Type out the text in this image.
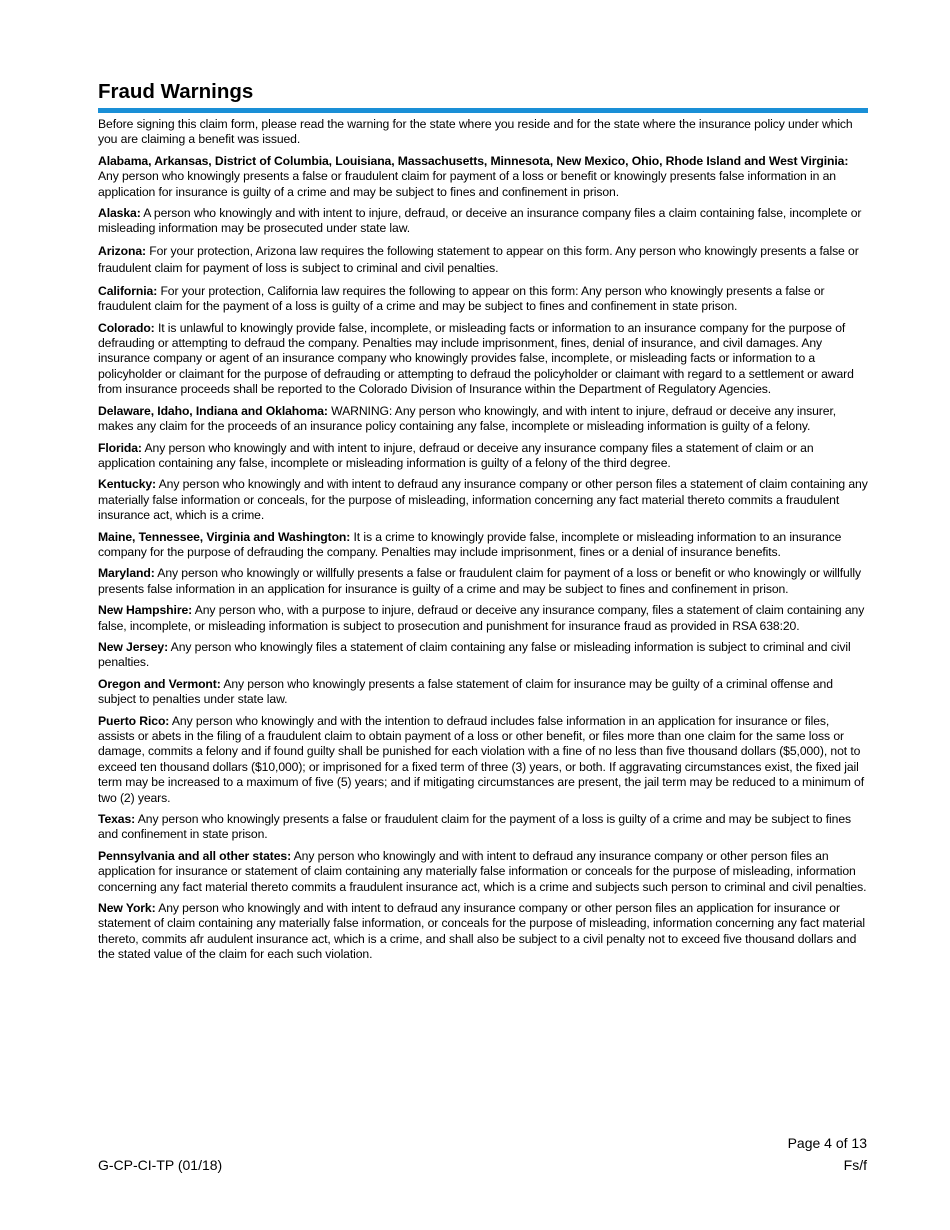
Fraud Warnings

Before signing this claim form, please read the warning for the state where you reside and for the state where the insurance policy under which you are claiming a benefit was issued.

Alabama, Arkansas, District of Columbia, Louisiana, Massachusetts, Minnesota, New Mexico, Ohio, Rhode Island and West Virginia: Any person who knowingly presents a false or fraudulent claim for payment of a loss or benefit or knowingly presents false information in an application for insurance is guilty of a crime and may be subject to fines and confinement in prison.

Alaska: A person who knowingly and with intent to injure, defraud, or deceive an insurance company files a claim containing false, incomplete or misleading information may be prosecuted under state law.

Arizona: For your protection, Arizona law requires the following statement to appear on this form. Any person who knowingly presents a false or fraudulent claim for payment of loss is subject to criminal and civil penalties.

California: For your protection, California law requires the following to appear on this form: Any person who knowingly presents a false or fraudulent claim for the payment of a loss is guilty of a crime and may be subject to fines and confinement in state prison.

Colorado: It is unlawful to knowingly provide false, incomplete, or misleading facts or information to an insurance company for the purpose of defrauding or attempting to defraud the company. Penalties may include imprisonment, fines, denial of insurance, and civil damages. Any insurance company or agent of an insurance company who knowingly provides false, incomplete, or misleading facts or information to a policyholder or claimant for the purpose of defrauding or attempting to defraud the policyholder or claimant with regard to a settlement or award from insurance proceeds shall be reported to the Colorado Division of Insurance within the Department of Regulatory Agencies.

Delaware, Idaho, Indiana and Oklahoma: WARNING: Any person who knowingly, and with intent to injure, defraud or deceive any insurer, makes any claim for the proceeds of an insurance policy containing any false, incomplete or misleading information is guilty of a felony.

Florida: Any person who knowingly and with intent to injure, defraud or deceive any insurance company files a statement of claim or an application containing any false, incomplete or misleading information is guilty of a felony of the third degree.

Kentucky: Any person who knowingly and with intent to defraud any insurance company or other person files a statement of claim containing any materially false information or conceals, for the purpose of misleading, information concerning any fact material thereto commits a fraudulent insurance act, which is a crime.

Maine, Tennessee, Virginia and Washington: It is a crime to knowingly provide false, incomplete or misleading information to an insurance company for the purpose of defrauding the company. Penalties may include imprisonment, fines or a denial of insurance benefits.

Maryland: Any person who knowingly or willfully presents a false or fraudulent claim for payment of a loss or benefit or who knowingly or willfully presents false information in an application for insurance is guilty of a crime and may be subject to fines and confinement in prison.

New Hampshire: Any person who, with a purpose to injure, defraud or deceive any insurance company, files a statement of claim containing any false, incomplete, or misleading information is subject to prosecution and punishment for insurance fraud as provided in RSA 638:20.

New Jersey: Any person who knowingly files a statement of claim containing any false or misleading information is subject to criminal and civil penalties.

Oregon and Vermont: Any person who knowingly presents a false statement of claim for insurance may be guilty of a criminal offense and subject to penalties under state law.

Puerto Rico: Any person who knowingly and with the intention to defraud includes false information in an application for insurance or files, assists or abets in the filing of a fraudulent claim to obtain payment of a loss or other benefit, or files more than one claim for the same loss or damage, commits a felony and if found guilty shall be punished for each violation with a fine of no less than five thousand dollars ($5,000), not to exceed ten thousand dollars ($10,000); or imprisoned for a fixed term of three (3) years, or both. If aggravating circumstances exist, the fixed jail term may be increased to a maximum of five (5) years; and if mitigating circumstances are present, the jail term may be reduced to a minimum of two (2) years.

Texas: Any person who knowingly presents a false or fraudulent claim for the payment of a loss is guilty of a crime and may be subject to fines and confinement in state prison.

Pennsylvania and all other states: Any person who knowingly and with intent to defraud any insurance company or other person files an application for insurance or statement of claim containing any materially false information or conceals for the purpose of misleading, information concerning any fact material thereto commits a fraudulent insurance act, which is a crime and subjects such person to criminal and civil penalties.

New York: Any person who knowingly and with intent to defraud any insurance company or other person files an application for insurance or statement of claim containing any materially false information, or conceals for the purpose of misleading, information concerning any fact material thereto, commits afr audulent insurance act, which is a crime, and shall also be subject to a civil penalty not to exceed five thousand dollars and the stated value of the claim for each such violation.

Page 4 of 13
G-CP-CI-TP (01/18)	Fs/f
